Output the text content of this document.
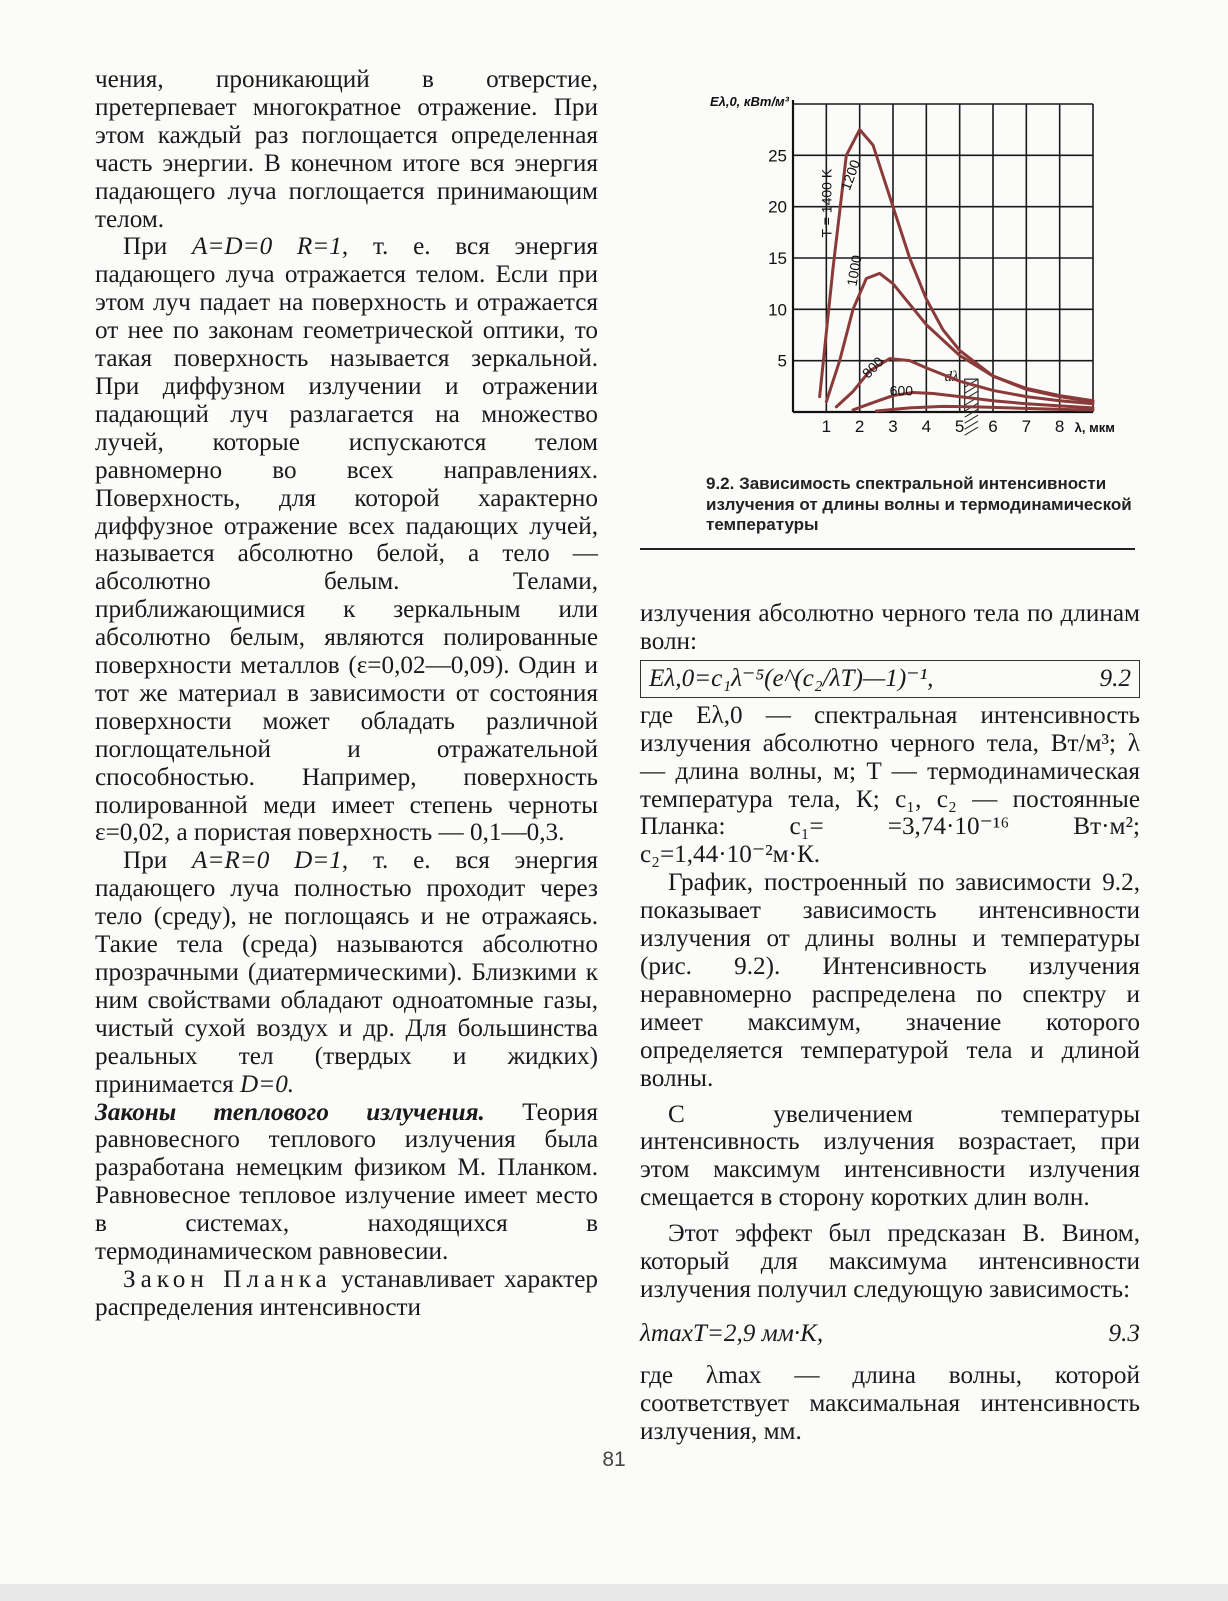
чения, проникающий в отверстие, претерпевает многократное отражение. При этом каждый раз поглощается определенная часть энергии. В конечном итоге вся энергия падающего луча поглощается принимающим телом.

При A=D=0 R=1, т. е. вся энергия падающего луча отражается телом. Если при этом луч падает на поверхность и отражается от нее по законам геометрической оптики, то такая поверхность называется зеркальной. При диффузном излучении и отражении падающий луч разлагается на множество лучей, которые испускаются телом равномерно во всех направлениях. Поверхность, для которой характерно диффузное отражение всех падающих лучей, называется абсолютно белой, а тело — абсолютно белым. Телами, приближающимися к зеркальным или абсолютно белым, являются полированные поверхности металлов (ε=0,02—0,09). Один и тот же материал в зависимости от состояния поверхности может обладать различной поглощательной и отражательной способностью. Например, поверхность полированной меди имеет степень черноты ε=0,02, а пористая поверхность — 0,1—0,3.

При A=R=0 D=1, т. е. вся энергия падающего луча полностью проходит через тело (среду), не поглощаясь и не отражаясь. Такие тела (среда) называются абсолютно прозрачными (диатермическими). Близкими к ним свойствами обладают одноатомные газы, чистый сухой воздух и др. Для большинства реальных тел (твердых и жидких) принимается D=0.

Законы теплового излучения. Теория равновесного теплового излучения была разработана немецким физиком М. Планком. Равновесное тепловое излучение имеет место в системах, находящихся в термодинамическом равновесии.

Закон Планка устанавливает характер распределения интенсивности

1 2 3 4 5 6 7 8 λ, мкм
5
10
15
20
25
Eλ,0, кВт/м³
dλ
T = 1400 K 1200
1000
800
600
9.2. Зависимость спектральной интенсивности излучения от длины волны и термодинамической температуры

излучения абсолютно черного тела по длинам волн:

Eλ,0=c₁λ⁻⁵(e^(c₂/λT)—1)⁻¹,	9.2

где Eλ,0 — спектральная интенсивность излучения абсолютно черного тела, Вт/м³; λ — длина волны, м; T — термодинамическая температура тела, К; c₁, c₂ — постоянные Планка: c₁= =3,74·10⁻¹⁶ Вт·м²; c₂=1,44·10⁻²м·К.

График, построенный по зависимости 9.2, показывает зависимость интенсивности излучения от длины волны и температуры (рис. 9.2). Интенсивность излучения неравномерно распределена по спектру и имеет максимум, значение которого определяется температурой тела и длиной волны.

С увеличением температуры интенсивность излучения возрастает, при этом максимум интенсивности излучения смещается в сторону коротких длин волн.

Этот эффект был предсказан В. Вином, который для максимума интенсивности излучения получил следующую зависимость:

λmaxT=2,9 мм·К,	9.3

где λmax — длина волны, которой соответствует максимальная интенсивность излучения, мм.

81
